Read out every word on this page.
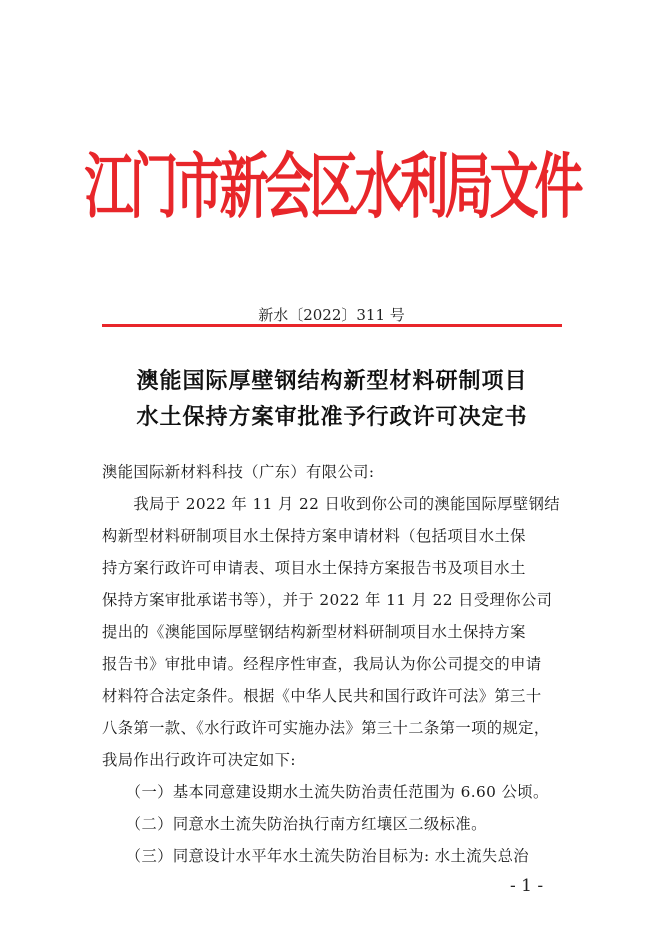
江门市新会区水利局文件
新水〔2022〕311 号
澳能国际厚壁钢结构新型材料研制项目
水土保持方案审批准予行政许可决定书
澳能国际新材料科技（广东）有限公司:
　　我局于 2022 年 11 月 22 日收到你公司的澳能国际厚壁钢结
构新型材料研制项目水土保持方案申请材料（包括项目水土保
持方案行政许可申请表、项目水土保持方案报告书及项目水土
保持方案审批承诺书等），并于 2022 年 11 月 22 日受理你公司
提出的《澳能国际厚壁钢结构新型材料研制项目水土保持方案
报告书》审批申请。经程序性审查，我局认为你公司提交的申请
材料符合法定条件。根据《中华人民共和国行政许可法》第三十
八条第一款、《水行政许可实施办法》第三十二条第一项的规定，
我局作出行政许可决定如下:
　　（一）基本同意建设期水土流失防治责任范围为 6.60 公顷。
　　（二）同意水土流失防治执行南方红壤区二级标准。
　　（三）同意设计水平年水土流失防治目标为: 水土流失总治
- 1 -
